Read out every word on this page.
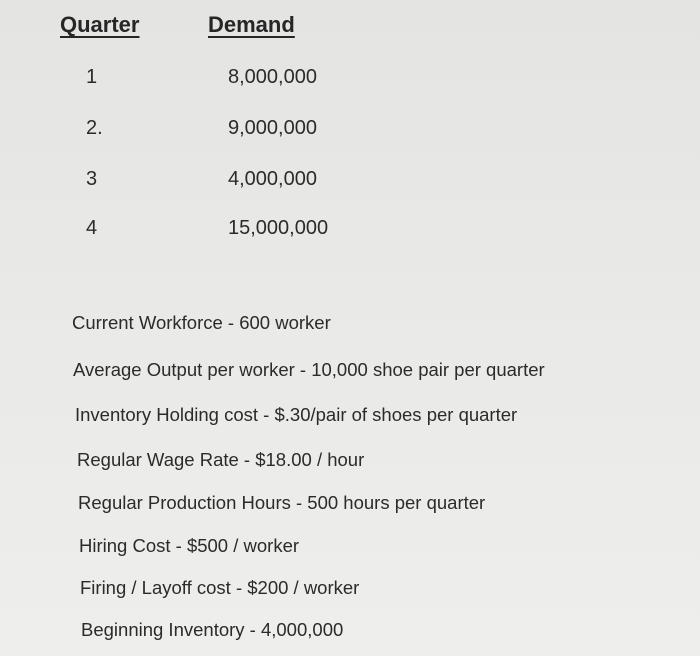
Quarter	Demand
1	8,000,000
2.	9,000,000
3	4,000,000
4	15,000,000
Current Workforce - 600 worker
Average Output per worker - 10,000 shoe pair per quarter
Inventory Holding cost - $.30/pair of shoes per quarter
Regular Wage Rate - $18.00 / hour
Regular Production Hours - 500 hours per quarter
Hiring Cost - $500 / worker
Firing / Layoff cost - $200 / worker
Beginning Inventory - 4,000,000
